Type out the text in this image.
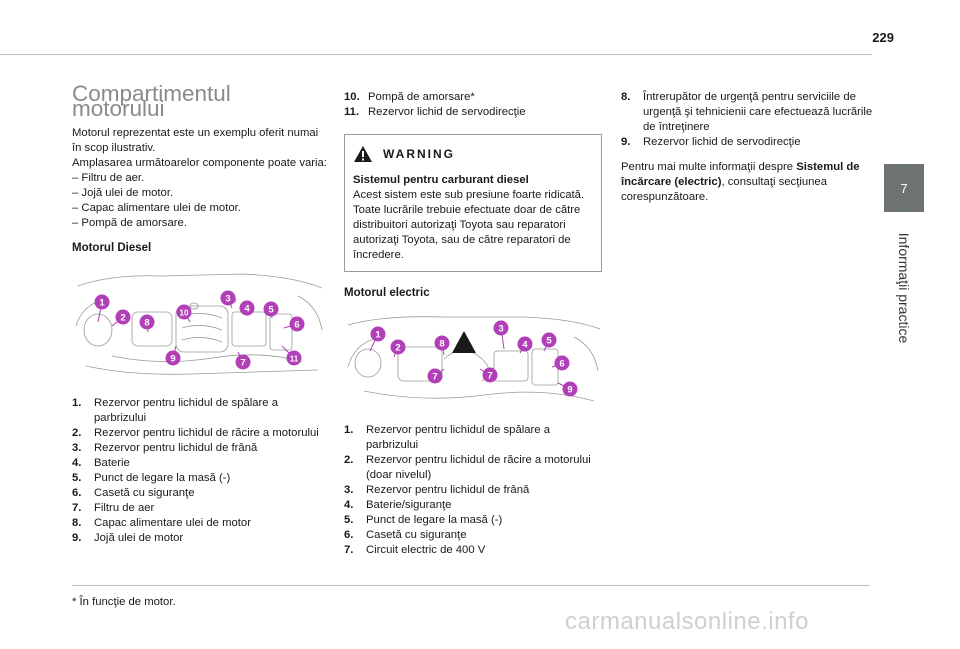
229
7
Informaţii practice
Compartimentul motorului

Motorul reprezentat este un exemplu oferit numai în scop ilustrativ.

Amplasarea următoarelor componente poate varia:

– Filtru de aer.

– Jojă ulei de motor.

– Capac alimentare ulei de motor.

– Pompă de amorsare.

Motorul Diesel
1
2 8
10
3
4 5
6
9	7	11
1.	Rezervor pentru lichidul de spălare a parbrizului
2.	Rezervor pentru lichidul de răcire a motorului
3.	Rezervor pentru lichidul de frână
4.	Baterie
5.	Punct de legare la masă (-)
6.	Casetă cu siguranţe
7.	Filtru de aer
8.	Capac alimentare ulei de motor
9.	Jojă ulei de motor
10. Pompă de amorsare*
11. Rezervor lichid de servodirecţie
WARNING

Sistemul pentru carburant diesel

Acest sistem este sub presiune foarte ridicată.

Toate lucrările trebuie efectuate doar de către distribuitori autorizaţi Toyota sau reparatori autorizaţi Toyota, sau de către reparatori de încredere.

Motorul electric
1
2	8
3
4 5
6
7	7
9
1.	Rezervor pentru lichidul de spălare a parbrizului
2.	Rezervor pentru lichidul de răcire a motorului (doar nivelul)
3.	Rezervor pentru lichidul de frână
4.	Baterie/siguranţe
5.	Punct de legare la masă (-)
6.	Casetă cu siguranţe
7.	Circuit electric de 400 V
8.	Întrerupător de urgenţă pentru serviciile de urgenţă şi tehnicienii care efectuează lucrările de întreţinere
9.	Rezervor lichid de servodirecţie

Pentru mai multe informaţii despre Sistemul de încărcare (electric), consultaţi secţiunea corespunzătoare.

* În funcţie de motor.
carmanualsonline.info
